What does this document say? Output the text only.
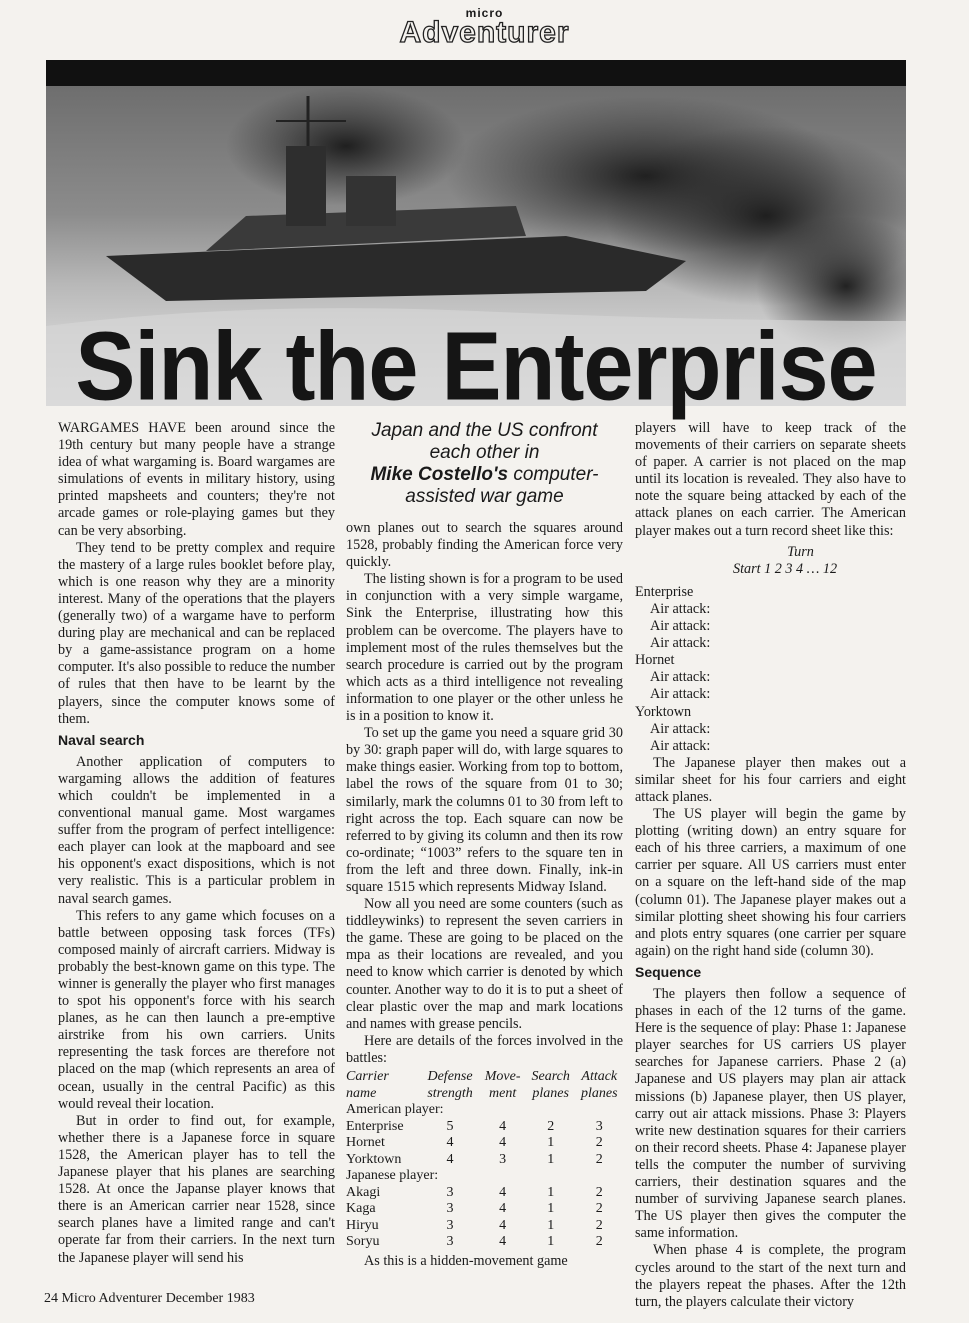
micro
Adventurer
Sink the Enterprise

WARGAMES HAVE been around since the 19th century but many people have a strange idea of what wargaming is. Board wargames are simulations of events in military history, using printed mapsheets and counters; they're not arcade games or role-playing games but they can be very absorbing.

They tend to be pretty complex and require the mastery of a large rules booklet before play, which is one reason why they are a minority interest. Many of the operations that the players (generally two) of a wargame have to perform during play are mechanical and can be replaced by a game-assistance program on a home computer. It's also possible to reduce the number of rules that then have to be learnt by the players, since the computer knows some of them.

Naval search

Another application of computers to wargaming allows the addition of features which couldn't be implemented in a conventional manual game. Most wargames suffer from the program of perfect intelligence: each player can look at the mapboard and see his opponent's exact dispositions, which is not very realistic. This is a particular problem in naval search games.

This refers to any game which focuses on a battle between opposing task forces (TFs) composed mainly of aircraft carriers. Midway is probably the best-known game on this type. The winner is generally the player who first manages to spot his opponent's force with his search planes, as he can then launch a pre-emptive airstrike from his own carriers. Units representing the task forces are therefore not placed on the map (which represents an area of ocean, usually in the central Pacific) as this would reveal their location.

But in order to find out, for example, whether there is a Japanese force in square 1528, the American player has to tell the Japanese player that his planes are searching 1528. At once the Japanse player knows that there is an American carrier near 1528, since search planes have a limited range and can't operate far from their carriers. In the next turn the Japanese player will send his

Japan and the US confront
each other in
Mike Costello's computer-
assisted war game

own planes out to search the squares around 1528, probably finding the American force very quickly.

The listing shown is for a program to be used in conjunction with a very simple wargame, Sink the Enterprise, illustrating how this problem can be overcome. The players have to implement most of the rules themselves but the search procedure is carried out by the program which acts as a third intelligence not revealing information to one player or the other unless he is in a position to know it.

To set up the game you need a square grid 30 by 30: graph paper will do, with large squares to make things easier. Working from top to bottom, label the rows of the square from 01 to 30; similarly, mark the columns 01 to 30 from left to right across the top. Each square can now be referred to by giving its column and then its row co-ordinate; “1003” refers to the square ten in from the left and three down. Finally, ink-in square 1515 which represents Midway Island.

Now all you need are some counters (such as tiddleywinks) to represent the seven carriers in the game. These are going to be placed on the mpa as their locations are revealed, and you need to know which carrier is denoted by which counter. Another way to do it is to put a sheet of clear plastic over the map and mark locations and names with grease pencils.

Here are details of the forces involved in the battles:

Carrier	Defense	Move-	Search	Attack
name	strength	ment	planes	planes
American player:				
Enterprise	5	4	2	3
Hornet	4	4	1	2
Yorktown	4	3	1	2
Japanese player:				
Akagi	3	4	1	2
Kaga	3	4	1	2
Hiryu	3	4	1	2
Soryu	3	4	1	2

As this is a hidden-movement game

players will have to keep track of the movements of their carriers on separate sheets of paper. A carrier is not placed on the map until its location is revealed. They also have to note the square being attacked by each of the attack planes on each carrier. The American player makes out a turn record sheet like this:

Turn
Start 1 2 3 4 … 12

Enterprise

Air attack:

Air attack:

Air attack:

Hornet

Air attack:

Air attack:

Yorktown

Air attack:

Air attack:

The Japanese player then makes out a similar sheet for his four carriers and eight attack planes.

The US player will begin the game by plotting (writing down) an entry square for each of his three carriers, a maximum of one carrier per square. All US carriers must enter on a square on the left-hand side of the map (column 01). The Japanese player makes out a similar plotting sheet showing his four carriers and plots entry squares (one carrier per square again) on the right hand side (column 30).

Sequence

The players then follow a sequence of phases in each of the 12 turns of the game. Here is the sequence of play: Phase 1: Japanese player searches for US carriers US player searches for Japanese carriers. Phase 2 (a) Japanese and US players may plan air attack missions (b) Japanese player, then US player, carry out air attack missions. Phase 3: Players write new destination squares for their carriers on their record sheets. Phase 4: Japanese player tells the computer the number of surviving carriers, their destination squares and the number of surviving Japanese search planes. The US player then gives the computer the same information.

When phase 4 is complete, the program cycles around to the start of the next turn and the players repeat the phases. After the 12th turn, the players calculate their victory

24 Micro Adventurer December 1983
